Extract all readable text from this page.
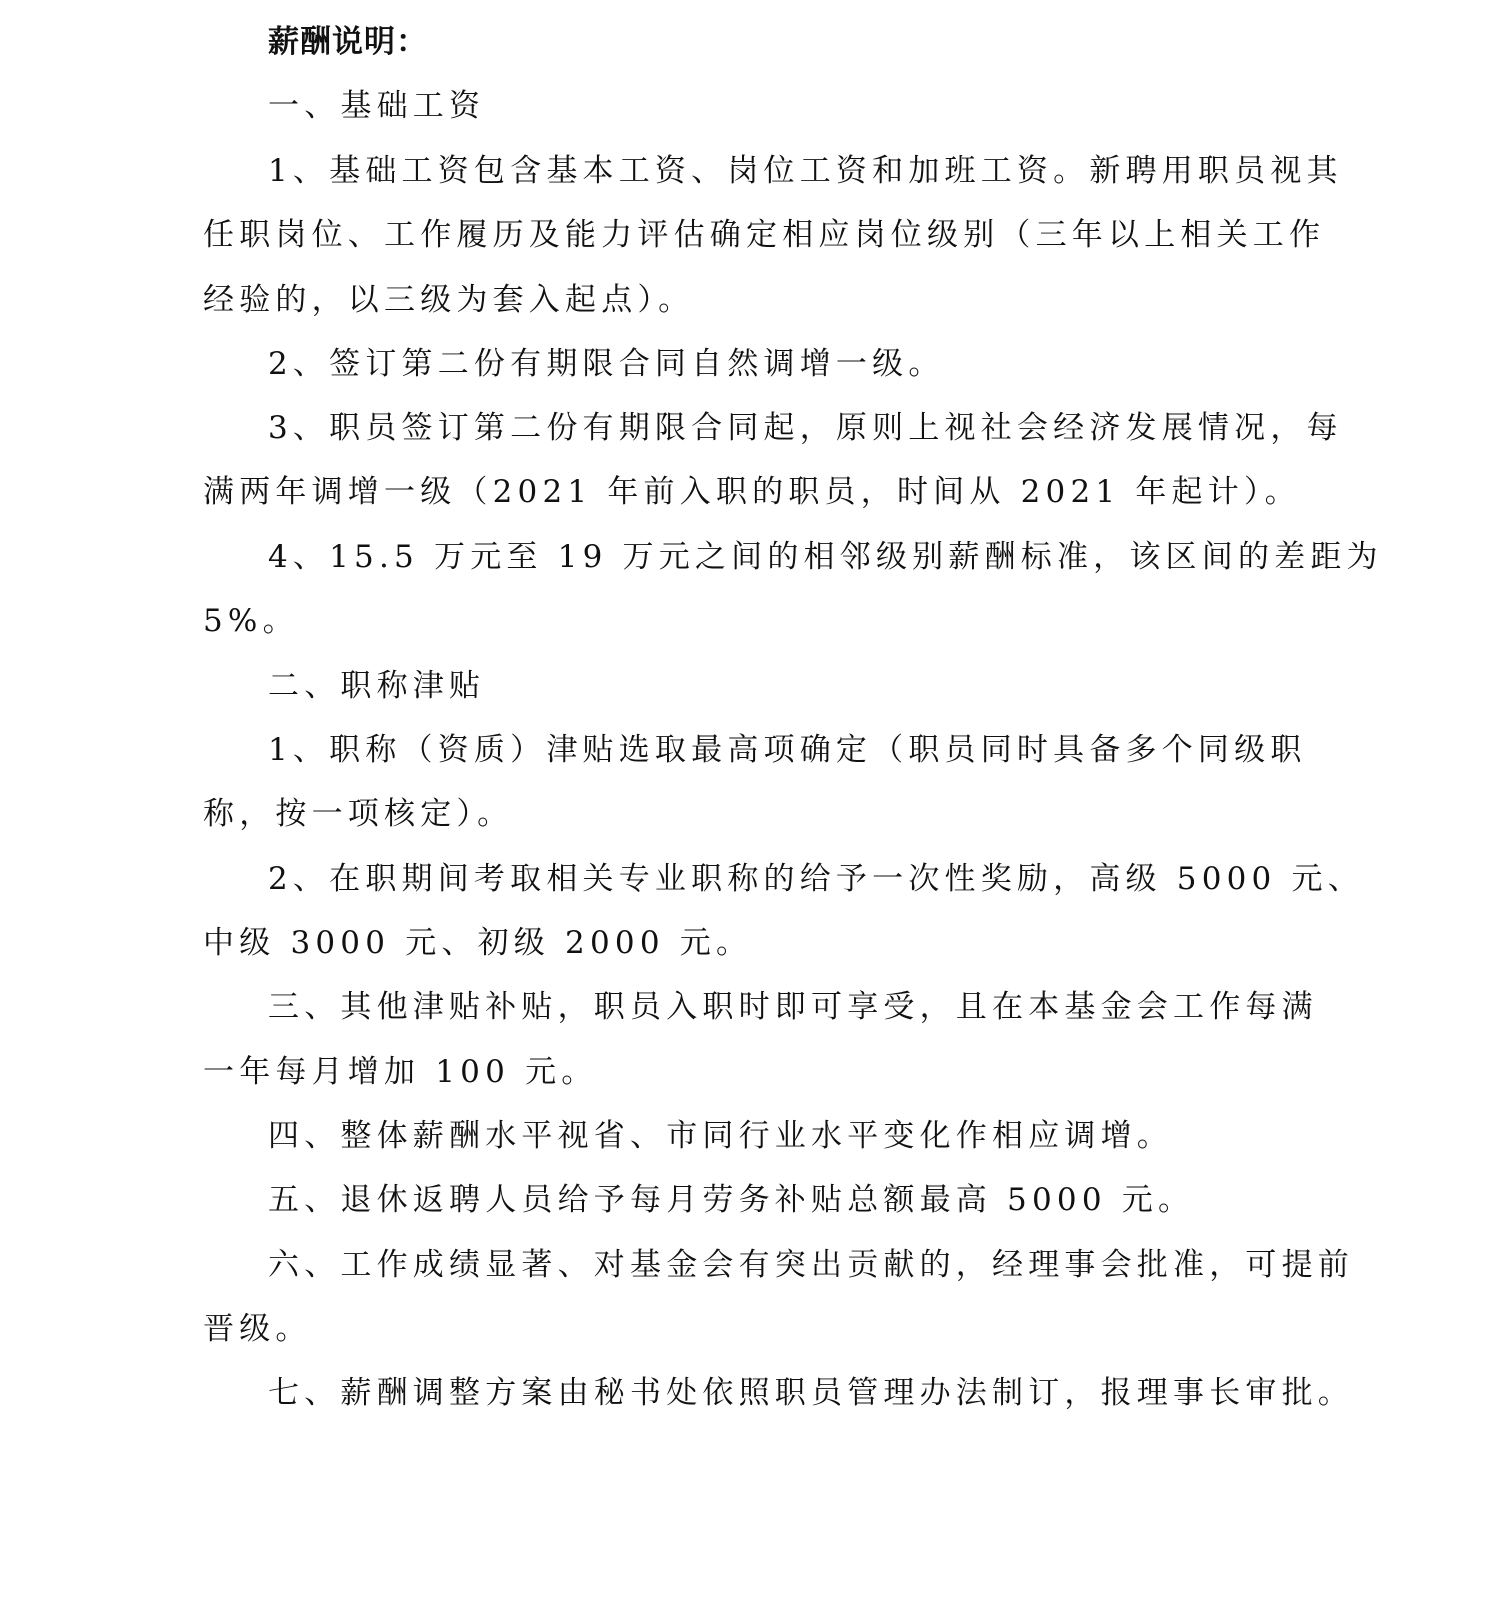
薪酬说明：
一、基础工资
1、基础工资包含基本工资、岗位工资和加班工资。新聘用职员视其
任职岗位、工作履历及能力评估确定相应岗位级别（三年以上相关工作
经验的，以三级为套入起点）。
2、签订第二份有期限合同自然调增一级。
3、职员签订第二份有期限合同起，原则上视社会经济发展情况，每
满两年调增一级（2021 年前入职的职员，时间从 2021 年起计）。
4、15.5 万元至 19 万元之间的相邻级别薪酬标准，该区间的差距为
5%。
二、职称津贴
1、职称（资质）津贴选取最高项确定（职员同时具备多个同级职
称，按一项核定）。
2、在职期间考取相关专业职称的给予一次性奖励，高级 5000 元、
中级 3000 元、初级 2000 元。
三、其他津贴补贴，职员入职时即可享受，且在本基金会工作每满
一年每月增加 100 元。
四、整体薪酬水平视省、市同行业水平变化作相应调增。
五、退休返聘人员给予每月劳务补贴总额最高 5000 元。
六、工作成绩显著、对基金会有突出贡献的，经理事会批准，可提前
晋级。
七、薪酬调整方案由秘书处依照职员管理办法制订，报理事长审批。
